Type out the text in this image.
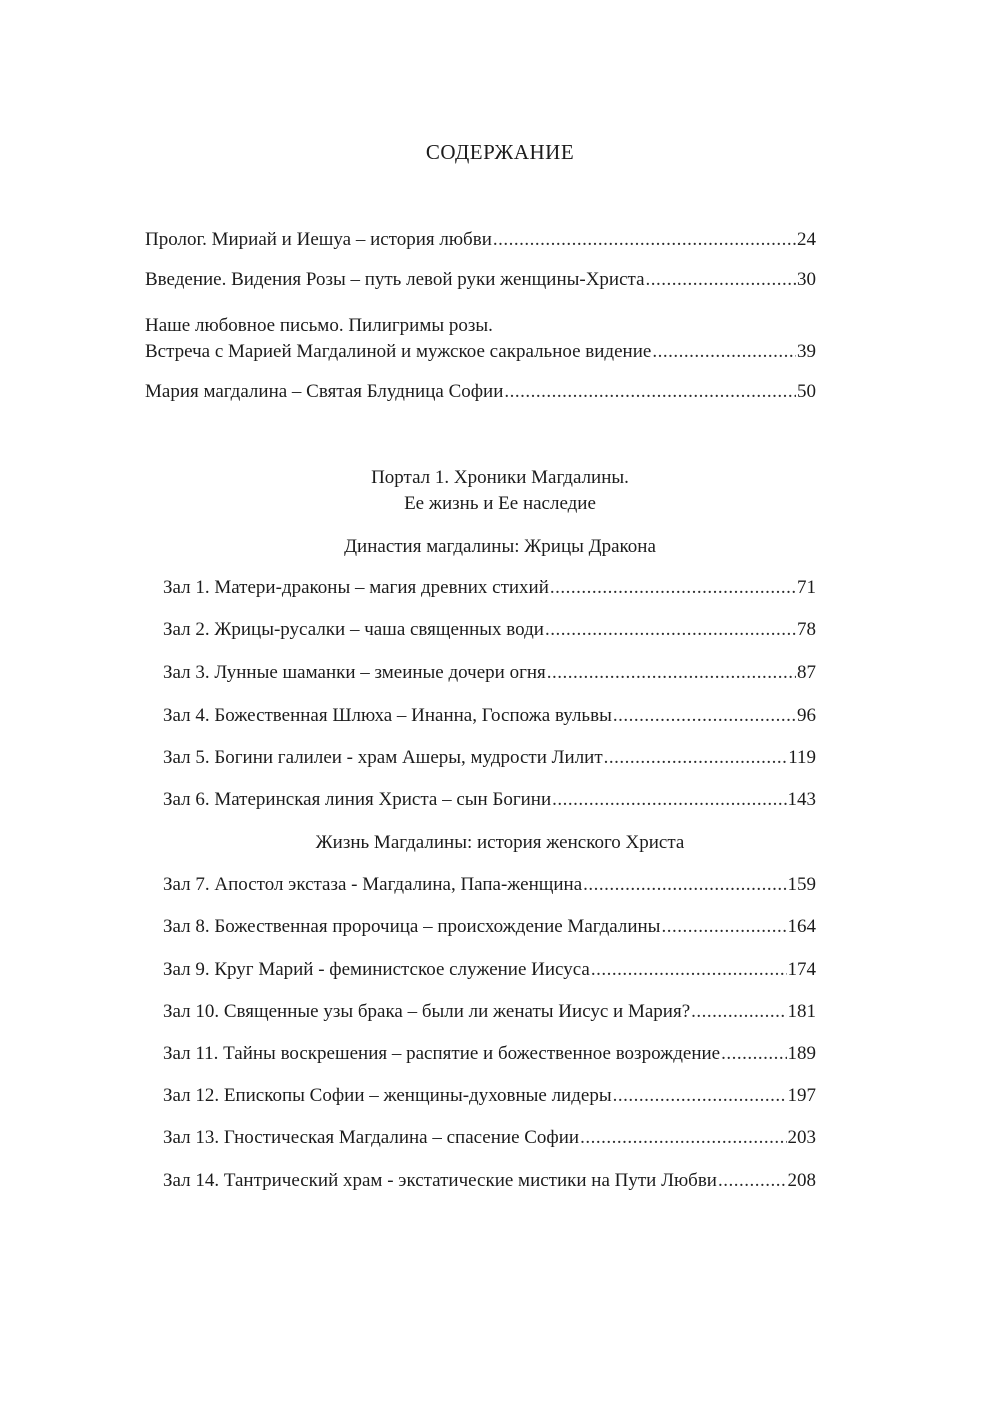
СОДЕРЖАНИЕ
Пролог. Мириай и Иешуа – история любви .....	24
Введение. Видения Розы – путь левой руки женщины-Христа .....	30
Наше любовное письмо. Пилигримы розы.
Встреча с Марией Магдалиной и мужское сакральное видение .....	39
Мария магдалина – Святая Блудница Софии .....	50
Портал 1. Хроники Магдалины.
Ее жизнь и Ее наследие
Династия магдалины: Жрицы Дракона
Зал 1. Матери-драконы – магия древних стихий .....	71
Зал 2. Жрицы-русалки – чаша священных води .....	78
Зал 3. Лунные шаманки – змеиные дочери огня .....	87
Зал 4. Божественная Шлюха – Инанна, Госпожа вульвы .....	96
Зал 5. Богини галилеи - храм Ашеры, мудрости Лилит .....	119
Зал 6. Материнская линия Христа – сын Богини .....	143
Жизнь Магдалины: история женского Христа
Зал 7. Апостол экстаза - Магдалина, Папа-женщина .....	159
Зал 8. Божественная пророчица – происхождение Магдалины .....	164
Зал 9. Круг Марий - феминистское служение Иисуса .....	174
Зал 10. Священные узы брака – были ли женаты Иисус и Мария? .....	181
Зал 11. Тайны воскрешения – распятие и божественное возрождение .....	189
Зал 12. Епископы Софии – женщины-духовные лидеры .....	197
Зал 13. Гностическая Магдалина – спасение Софии .....	203
Зал 14. Тантрический храм - экстатические мистики на Пути Любви .....	208
